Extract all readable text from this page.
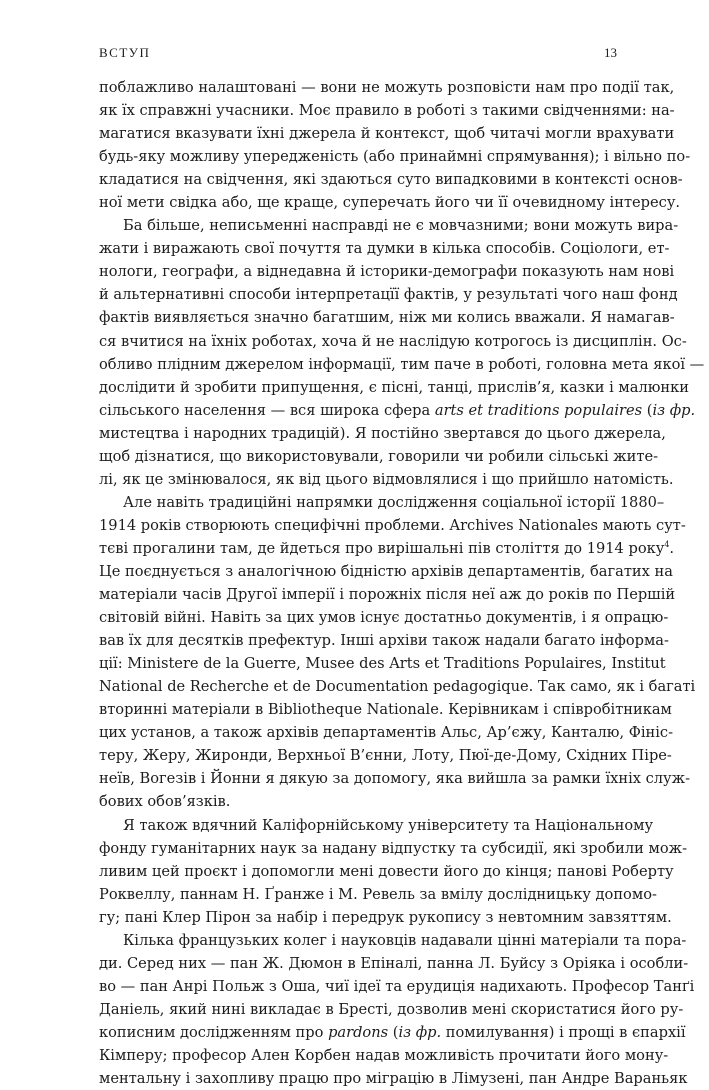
ВСТУП	13
поблажливо налаштовані — вони не можуть розповісти нам про події так,
як їх справжні учасники. Моє правило в роботі з такими свідченнями: на-
магатися вказувати їхні джерела й контекст, щоб читачі могли врахувати
будь-яку можливу упередженість (або принаймні спрямування); і вільно по-
кладатися на свідчення, які здаються суто випадковими в контексті основ-
ної мети свідка або, ще краще, суперечать його чи її очевидному інтересу.
Ба більше, неписьменні насправді не є мовчазними; вони можуть вира-
жати і виражають свої почуття та думки в кілька способів. Соціологи, ет-
нологи, географи, а віднедавна й історики-демографи показують нам нові
й альтернативні способи інтерпретацїї фактів, у результаті чого наш фонд
фактів виявляється значно багатшим, ніж ми колись вважали. Я намагав-
ся вчитися на їхніх роботах, хоча й не наслідую котрогось із дисциплін. Ос-
обливо плідним джерелом інформації, тим паче в роботі, головна мета якої —
дослідити й зробити припущення, є пісні, танці, прислів’я, казки і малюнки
сільського населення — вся широка сфера arts et traditions populaires (із фр.
мистецтва і народних традицій). Я постійно звертався до цього джерела,
щоб дізнатися, що використовували, говорили чи робили сільські жите-
лі, як це змінювалося, як від цього відмовлялися і що прийшло натомість.
Але навіть традиційні напрямки дослідження соціальної історії 1880–
1914 років створюють специфічні проблеми. Archives Nationales мають сут-
тєві прогалини там, де йдеться про вирішальні пів століття до 1914 року$^4$.
Це поєднується з аналогічною бідністю архівів департаментів, багатих на
матеріали часів Другої імперії і порожніх після неї аж до років по Першій
світовій війні. Навіть за цих умов існує достатньо документів, і я опрацю-
вав їх для десятків префектур. Інші архіви також надали багато інформа-
ції: Ministere de la Guerre, Musee des Arts et Traditions Populaires, Institut
National de Recherche et de Documentation pedagogique. Так само, як і багаті
вторинні матеріали в Bibliotheque Nationale. Керівникам і співробітникам
цих установ, а також архівів департаментів Альс, Ар’єжу, Канталю, Фініс-
теру, Жеру, Жиронди, Верхньої В’єнни, Лоту, Пюї-де-Дому, Східних Піре-
неїв, Вогезів і Йонни я дякую за допомогу, яка вийшла за рамки їхніх служ-
бових обов’язків.
Я також вдячний Каліфорнійському університету та Національному
фонду гуманітарних наук за надану відпустку та субсидії, які зробили мож-
ливим цей проєкт і допомогли мені довести його до кінця; панові Роберту
Роквеллу, паннам Н. Ґранже і М. Ревель за вмілу дослідницьку допомо-
гу; пані Клер Пірон за набір і передрук рукопису з невтомним завзяттям.
Кілька французьких колег і науковців надавали цінні матеріали та пора-
ди. Серед них — пан Ж. Дюмон в Епіналі, панна Л. Буйсу з Оріяка і особли-
во — пан Анрі Польж з Оша, чиї ідеї та ерудиція надихають. Професор Танґі
Даніель, який нині викладає в Бресті, дозволив мені скористатися його ру-
кописним дослідженням про pardons (із фр. помилування) і прощі в єпархії
Кімперу; професор Ален Корбен надав можливість прочитати його мону-
ментальну і захопливу працю про міграцію в Лімузені, пан Андре Вараньяк
